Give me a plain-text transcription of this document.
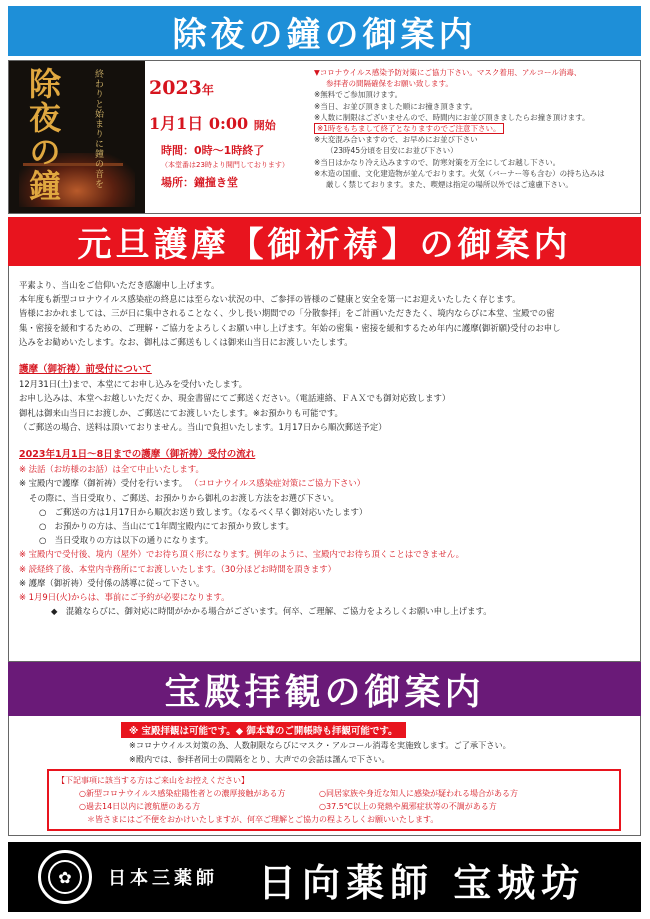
除夜の鐘の御案内
除夜の鐘	終わりと始まりに鐘の音を
2023年
1月1日 0:00 開始
時間：0時〜1時終了
（本堂番は23時より開門しております）
場所：鐘撞き堂
▼コロナウイルス感染予防対策にご協力下さい。マスク着用、アルコール消毒、
参拝者の間隔確保をお願い致します。
※無料でご参加頂けます。
※当日、お並び頂きました順にお撞き頂きます。
※人数に制限はございませんので、時間内にお並び頂きましたらお撞き頂けます。
※1時をもちまして終了となりますのでご注意下さい。
※大変混み合いますので、お早めにお並び下さい
（23時45分頃を目安にお並び下さい）
※当日はかなり冷え込みますので、防寒対策を万全にしてお越し下さい。
※木造の国重、文化建造物が並んでおります。火気（バーナー等も含む）の持ち込みは
厳しく禁じております。また、喫煙は指定の場所以外ではご遠慮下さい。
元旦護摩【御祈祷】の御案内
平素より、当山をご信仰いただき感謝申し上げます。
本年度も新型コロナウイルス感染症の終息には至らない状況の中、ご参拝の皆様のご健康と安全を第一にお迎えいたしたく存じます。
皆様におかれましては、三が日に集中されることなく、少し長い期間での「分散参拝」をご計画いただきたく、境内ならびに本堂、宝殿での密
集・密接を緩和するための、ご理解・ご協力をよろしくお願い申し上げます。年始の密集・密接を緩和するため年内に護摩(御祈願)受付のお申し
込みをお勧めいたします。なお、御札はご郵送もしくは御来山当日にお渡しいたします。
護摩（御祈祷）前受付について
12月31日(土)まで、本堂にてお申し込みを受付いたします。
お申し込みは、本堂へお越しいただくか、現金書留にてご郵送ください。（電話連絡、ＦＡＸでも御対応致します）
御札は御来山当日にお渡しか、ご郵送にてお渡しいたします。※お預かりも可能です。
（ご郵送の場合、送料は頂いておりません。当山で負担いたします。1月17日から順次郵送予定）
2023年1月1日〜8日までの護摩（御祈祷）受付の流れ
※ 法話（お坊様のお話）は全て中止いたします。
※ 宝殿内で護摩（御祈祷）受付を行います。 （コロナウイルス感染症対策にご協力下さい）
その際に、当日受取り、ご郵送、お預かりから御札のお渡し方法をお選び下さい。
○　ご郵送の方は1月17日から順次お送り致します。（なるべく早く御対応いたします）
○　お預かりの方は、当山にて1年間宝殿内にてお預かり致します。
○　当日受取りの方は以下の通りになります。
※ 宝殿内で受付後、境内（屋外）でお待ち頂く形になります。例年のように、宝殿内でお待ち頂くことはできません。
※ 読経終了後、本堂内寺務所にてお渡しいたします。（30分ほどお時間を頂きます）
※ 護摩（御祈祷）受付係の誘導に従って下さい。
※ 1月9日(火)からは、事前にご予約が必要になります。
◆　混雑ならびに、御対応に時間がかかる場合がございます。何卒、ご理解、ご協力をよろしくお願い申し上げます。
宝殿拝観の御案内
※ 宝殿拝観は可能です。◆ 御本尊のご開帳時も拝観可能です。
※コロナウイルス対策の為、人数制限ならびにマスク・アルコール消毒を実施致します。ご了承下さい。
※殿内では、参拝者同士の間隔をとり、大声での会話は謹んで下さい。
【下記事項に該当する方はご来山をお控えください】
○新型コロナウイルス感染症陽性者との濃厚接触がある方	○同居家族や身近な知人に感染が疑われる場合がある方
○過去14日以内に渡航歴のある方	○37.5℃以上の発熱や風邪症状等の不調がある方
＊皆さまにはご不便をおかけいたしますが、何卒ご理解とご協力の程よろしくお願いいたします。
✿	日本三薬師 日向薬師 宝城坊
